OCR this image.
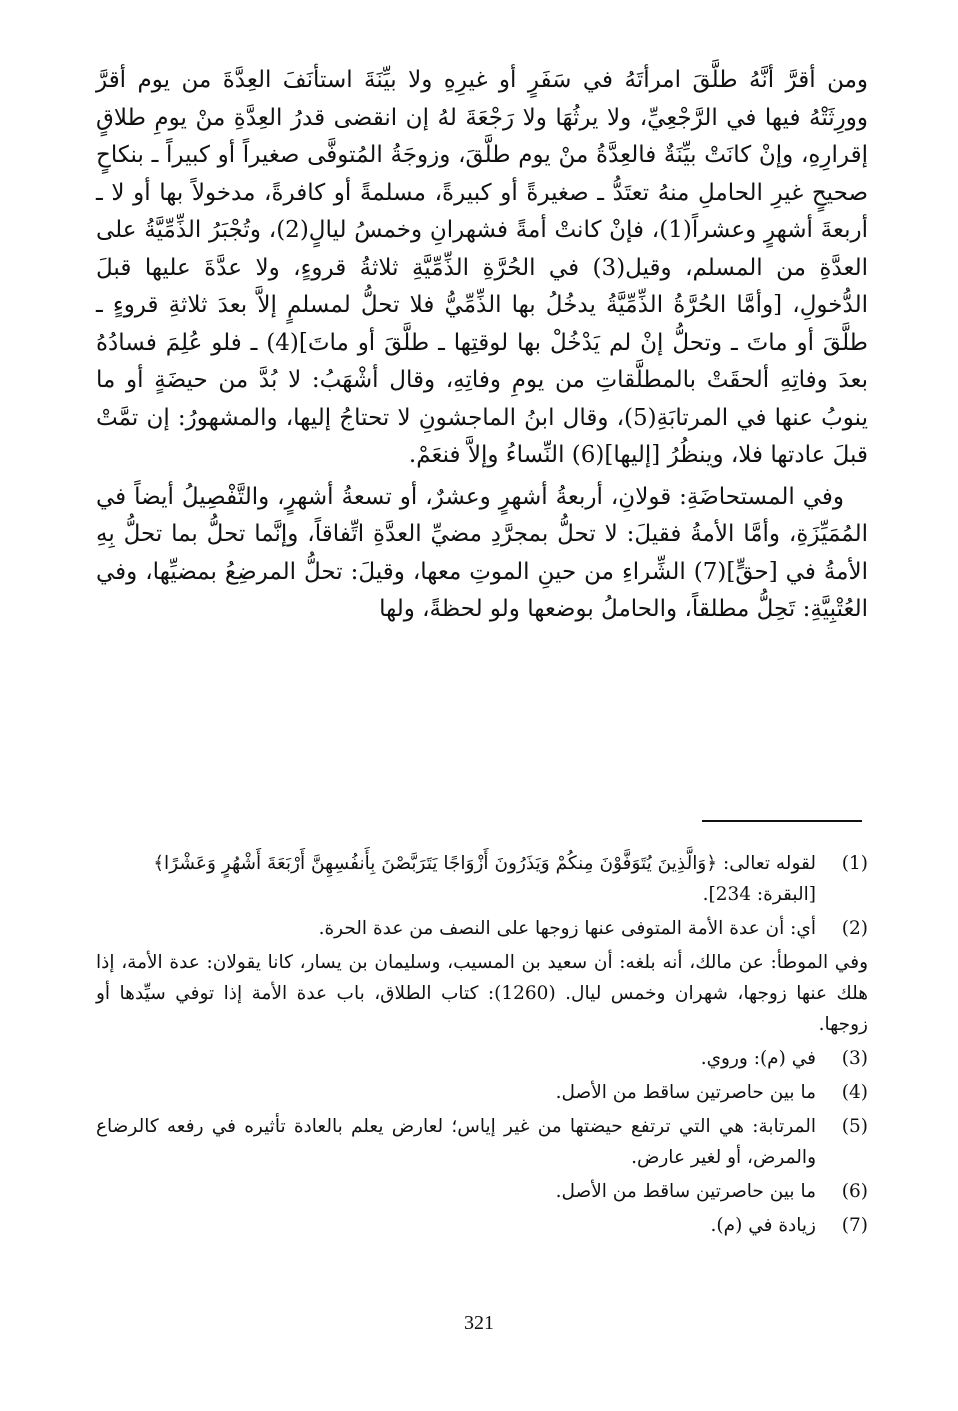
ومن أقرَّ أنَّهُ طلَّقَ امرأتَهُ في سَفَرٍ أو غيرِهِ ولا بيِّنَةَ استأنَفَ العِدَّةَ من يوم أقرَّ وورِثَتْهُ فيها في الرَّجْعِيِّ، ولا يرثُهَا ولا رَجْعَةَ لهُ إن انقضى قدرُ العِدَّةِ منْ يومِ طلاقٍ إقرارِهِ، وإنْ كانَتْ بيِّنَةٌ فالعِدَّةُ منْ يوم طلَّقَ، وزوجَةُ المُتوفَّى صغيراً أو كبيراً ـ بنكاحٍ صحيحٍ غيرِ الحاملِ منهُ تعتَدُّ ـ صغيرةً أو كبيرةً، مسلمةً أو كافرةً، مدخولاً بها أو لا ـ أربعةَ أشهرٍ وعشراً(1)، فإنْ كانتْ أمةً فشهرانِ وخمسُ ليالٍ(2)، وتُجْبَرُ الذِّمِّيَّةُ على العدَّةِ من المسلم، وقيل(3) في الحُرَّةِ الذِّمِّيَّةِ ثلاثةُ قروءٍ، ولا عدَّةَ عليها قبلَ الدُّخولِ، [وأمَّا الحُرَّةُ الذِّمِّيَّةُ يدخُلُ بها الذِّمِّيُّ فلا تحلُّ لمسلمٍ إلاَّ بعدَ ثلاثةِ قروءٍ ـ طلَّقَ أو ماتَ ـ وتحلُّ إنْ لم يَدْخُلْ بها لوقتِها ـ طلَّقَ أو ماتَ](4) ـ فلو عُلِمَ فسادُهُ بعدَ وفاتِهِ ألحقَتْ بالمطلَّقاتِ من يومِ وفاتِهِ، وقال أشْهَبُ: لا بُدَّ من حيضَةٍ أو ما ينوبُ عنها في المرتابَةِ(5)، وقال ابنُ الماجشونِ لا تحتاجُ إليها، والمشهورُ: إن تمَّتْ قبلَ عادتها فلا، وينظُرُ [إليها](6) النِّساءُ وإلاَّ فنعَمْ.

وفي المستحاضَةِ: قولانِ، أربعةُ أشهرٍ وعشرٌ، أو تسعةُ أشهرٍ، والتَّفْصِيلُ أيضاً في المُمَيِّزَةِ، وأمَّا الأمةُ فقيلَ: لا تحلُّ بمجرَّدِ مضيِّ العدَّةِ اتِّفاقاً، وإنَّما تحلُّ بما تحلُّ بِهِ الأمةُ في [حقٍّ](7) الشِّراءِ من حينِ الموتِ معها، وقيلَ: تحلُّ المرضِعُ بمضيِّها، وفي العُتْبِيَّةِ: تَحِلُّ مطلقاً، والحاملُ بوضعها ولو لحظةً، ولها

(1)
لقوله تعالى: ﴿وَالَّذِينَ يُتَوَفَّوْنَ مِنكُمْ وَيَذَرُونَ أَزْوَاجًا يَتَرَبَّصْنَ بِأَنفُسِهِنَّ أَرْبَعَةَ أَشْهُرٍ وَعَشْرًا﴾
[البقرة: 234].
(2)
أي: أن عدة الأمة المتوفى عنها زوجها على النصف من عدة الحرة.
وفي الموطأ: عن مالك، أنه بلغه: أن سعيد بن المسيب، وسليمان بن يسار، كانا يقولان: عدة الأمة، إذا هلك عنها زوجها، شهران وخمس ليال. (1260): كتاب الطلاق، باب عدة الأمة إذا توفي سيِّدها أو زوجها.
(3)
في (م): وروي.
(4)
ما بين حاصرتين ساقط من الأصل.
(5)
المرتابة: هي التي ترتفع حيضتها من غير إياس؛ لعارض يعلم بالعادة تأثيره في رفعه كالرضاع والمرض، أو لغير عارض.
(6)
ما بين حاصرتين ساقط من الأصل.
(7)
زيادة في (م).
321
